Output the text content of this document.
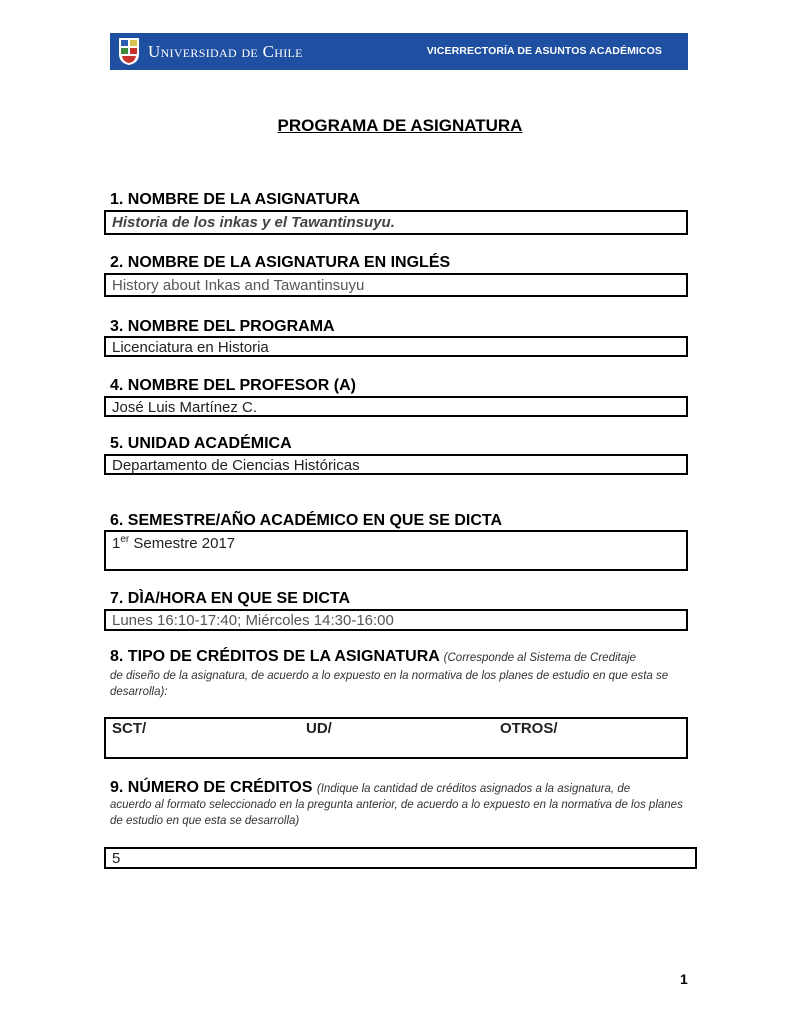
Universidad de Chile	VICERRECTORÍA DE ASUNTOS ACADÉMICOS
PROGRAMA DE ASIGNATURA
1. NOMBRE DE LA ASIGNATURA
Historia de los inkas y el Tawantinsuyu.
2. NOMBRE DE LA ASIGNATURA EN INGLÉS
History about Inkas and Tawantinsuyu
3. NOMBRE DEL PROGRAMA
Licenciatura en Historia
4. NOMBRE DEL PROFESOR (A)
José Luis Martínez C.
5. UNIDAD ACADÉMICA
Departamento de Ciencias Históricas
6. SEMESTRE/AÑO ACADÉMICO EN QUE SE DICTA
1er Semestre 2017
7. DÌA/HORA EN QUE SE DICTA
Lunes 16:10-17:40; Miércoles 14:30-16:00
8. TIPO DE CRÉDITOS DE LA ASIGNATURA (Corresponde al Sistema de Creditaje
de diseño de la asignatura, de acuerdo a lo expuesto en la normativa de los planes de estudio en que esta se desarrolla):
SCT/	UD/	OTROS/
9. NÚMERO DE CRÉDITOS (Indique la cantidad de créditos asignados a la asignatura, de
acuerdo al formato seleccionado en la pregunta anterior, de acuerdo a lo expuesto en la normativa de los planes de estudio en que esta se desarrolla)
5
1
